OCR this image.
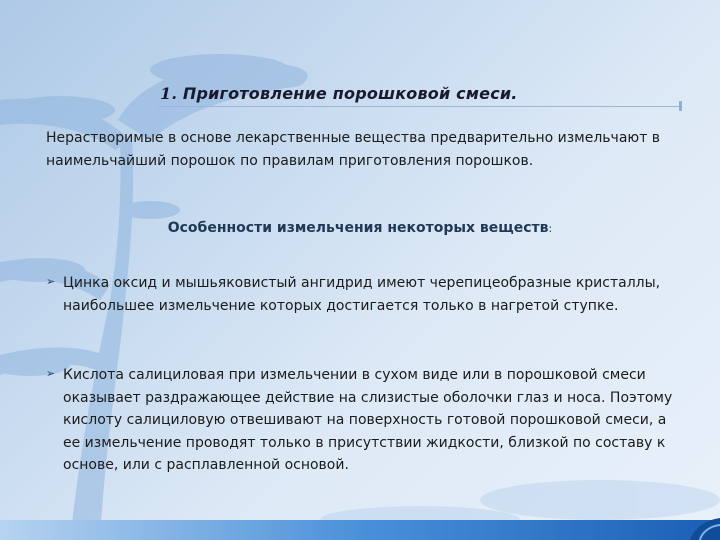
1. Приготовление порошковой смеси.
Нерастворимые в основе лекарственные вещества предварительно измельчают в наимельчайший порошок по правилам приготовления порошков.
Особенности измельчения некоторых веществ:
➢ Цинка оксид и мышьяковистый ангидрид имеют черепицеобразные кристаллы, наибольшее измельчение которых достигается только в нагретой ступке.
➢ Кислота салициловая при измельчении в сухом виде или в порошковой смеси оказывает раздражающее действие на слизистые оболочки глаз и носа. Поэтому кислоту салициловую отвешивают на поверхность готовой порошковой смеси, а ее измельчение проводят только в присутствии жидкости, близкой по составу к основе, или с расплавленной основой.
